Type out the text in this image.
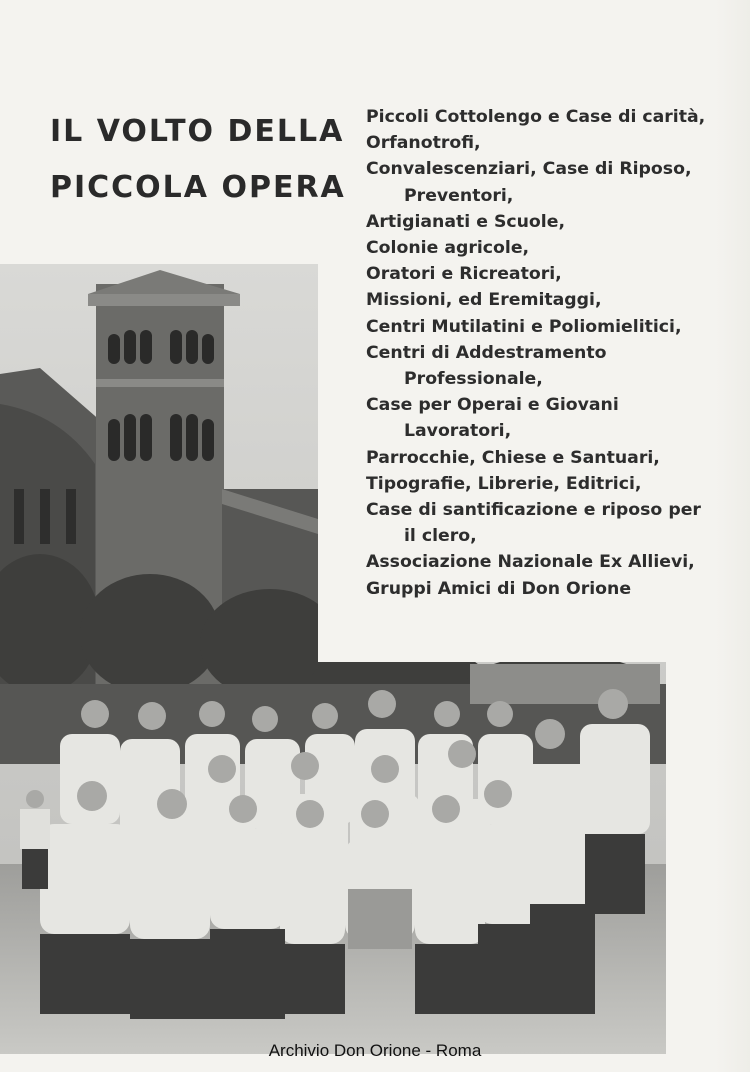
IL VOLTO DELLA
PICCOLA OPERA
Piccoli Cottolengo e Case di carità,
Orfanotrofi,
Convalescenziari, Case di Riposo,
Preventori,
Artigianati e Scuole,
Colonie agricole,
Oratori e Ricreatori,
Missioni, ed Eremitaggi,
Centri Mutilatini e Poliomielitici,
Centri di Addestramento
Professionale,
Case per Operai e Giovani
Lavoratori,
Parrocchie, Chiese e Santuari,
Tipografie, Librerie, Editrici,
Case di santificazione e riposo per
il clero,
Associazione Nazionale Ex Allievi,
Gruppi Amici di Don Orione
Archivio Don Orione - Roma
